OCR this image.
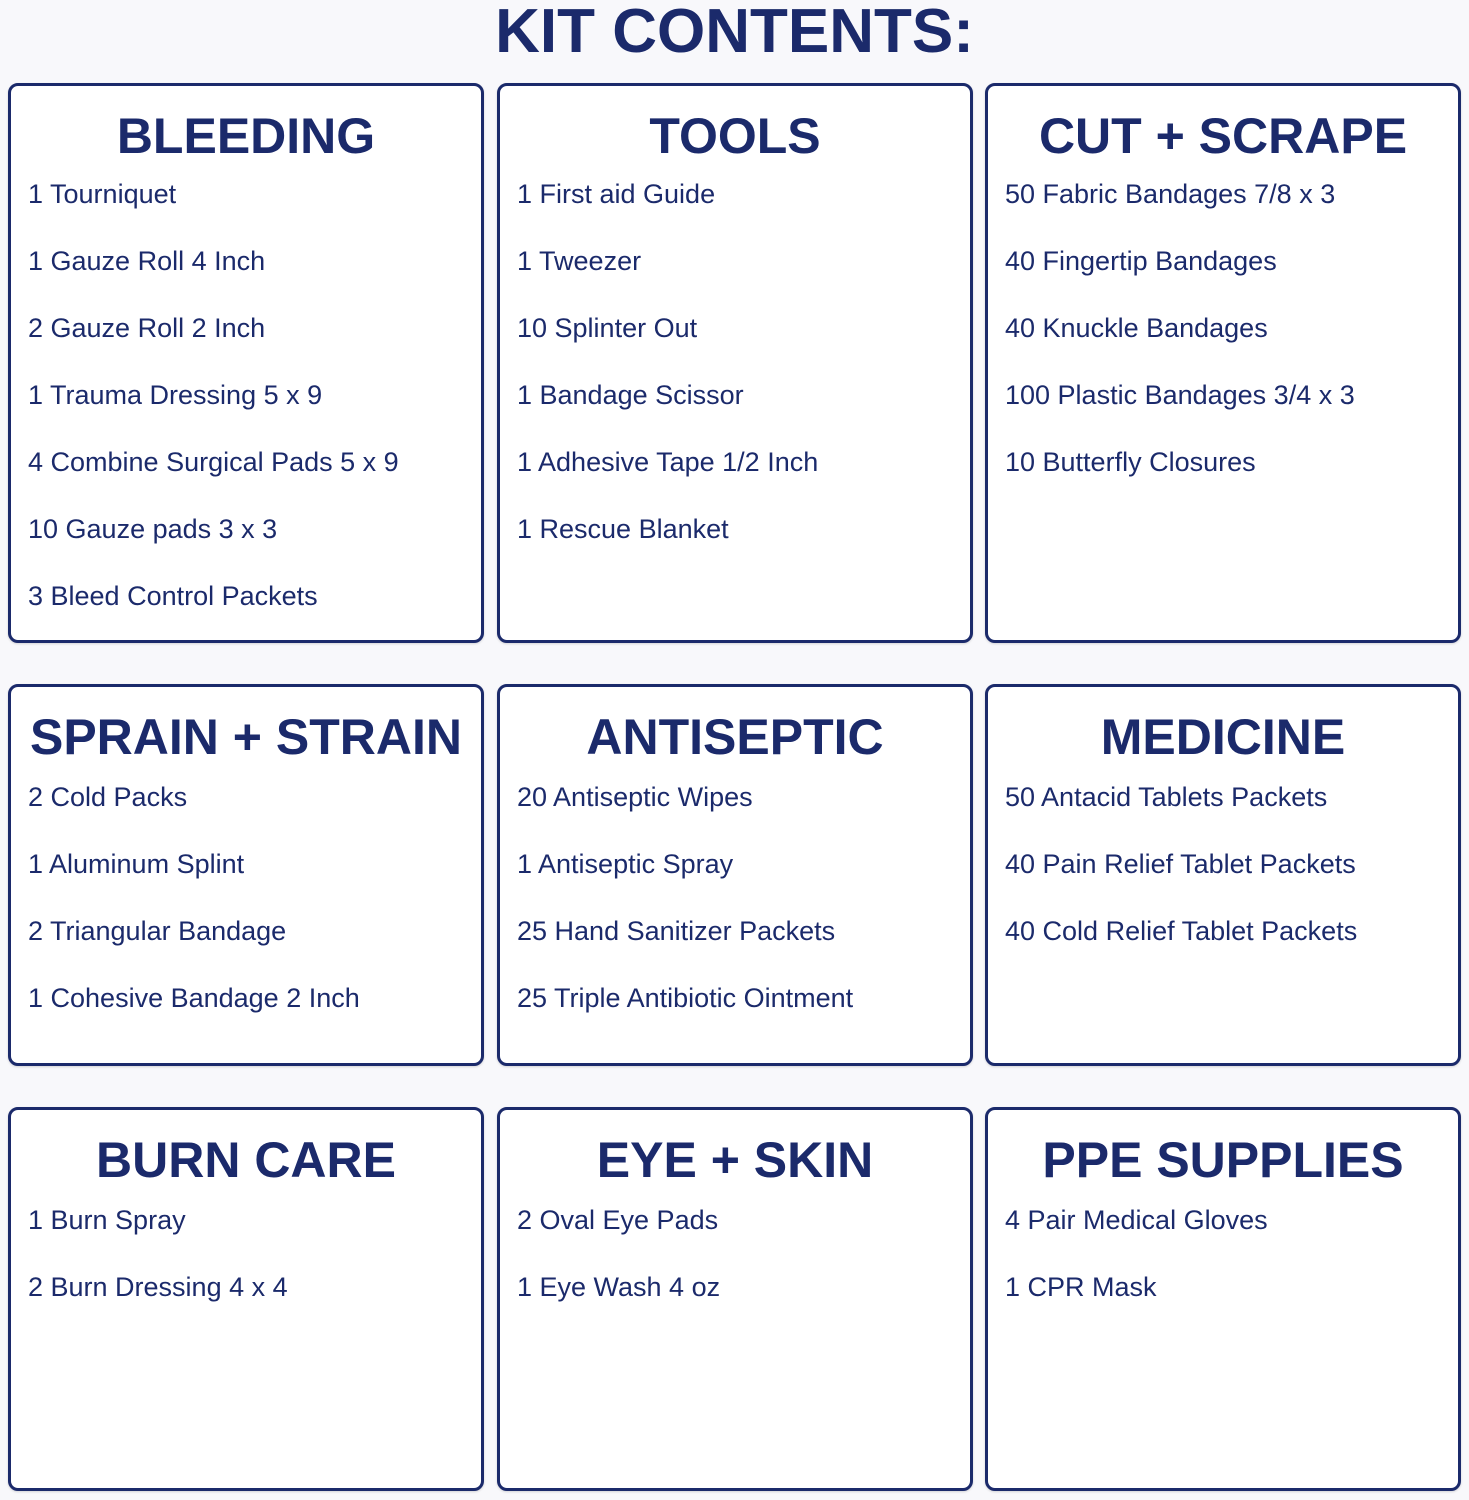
KIT CONTENTS:
BLEEDING
1 Tourniquet
1 Gauze Roll 4 Inch
2 Gauze Roll 2 Inch
1 Trauma Dressing 5 x 9
4 Combine Surgical Pads 5 x 9
10 Gauze pads 3 x 3
3 Bleed Control Packets
TOOLS
1 First aid Guide
1 Tweezer
10 Splinter Out
1 Bandage Scissor
1 Adhesive Tape 1/2 Inch
1 Rescue Blanket
CUT + SCRAPE
50 Fabric Bandages 7/8 x 3
40 Fingertip Bandages
40 Knuckle Bandages
100 Plastic Bandages 3/4 x 3
10 Butterfly Closures
SPRAIN + STRAIN
2 Cold Packs
1 Aluminum Splint
2 Triangular Bandage
1 Cohesive Bandage 2 Inch
ANTISEPTIC
20 Antiseptic Wipes
1 Antiseptic Spray
25 Hand Sanitizer Packets
25 Triple Antibiotic Ointment
MEDICINE
50 Antacid Tablets Packets
40 Pain Relief Tablet Packets
40 Cold Relief Tablet Packets
BURN CARE
1 Burn Spray
2 Burn Dressing 4 x 4
EYE + SKIN
2 Oval Eye Pads
1 Eye Wash 4 oz
PPE SUPPLIES
4 Pair Medical Gloves
1 CPR Mask
